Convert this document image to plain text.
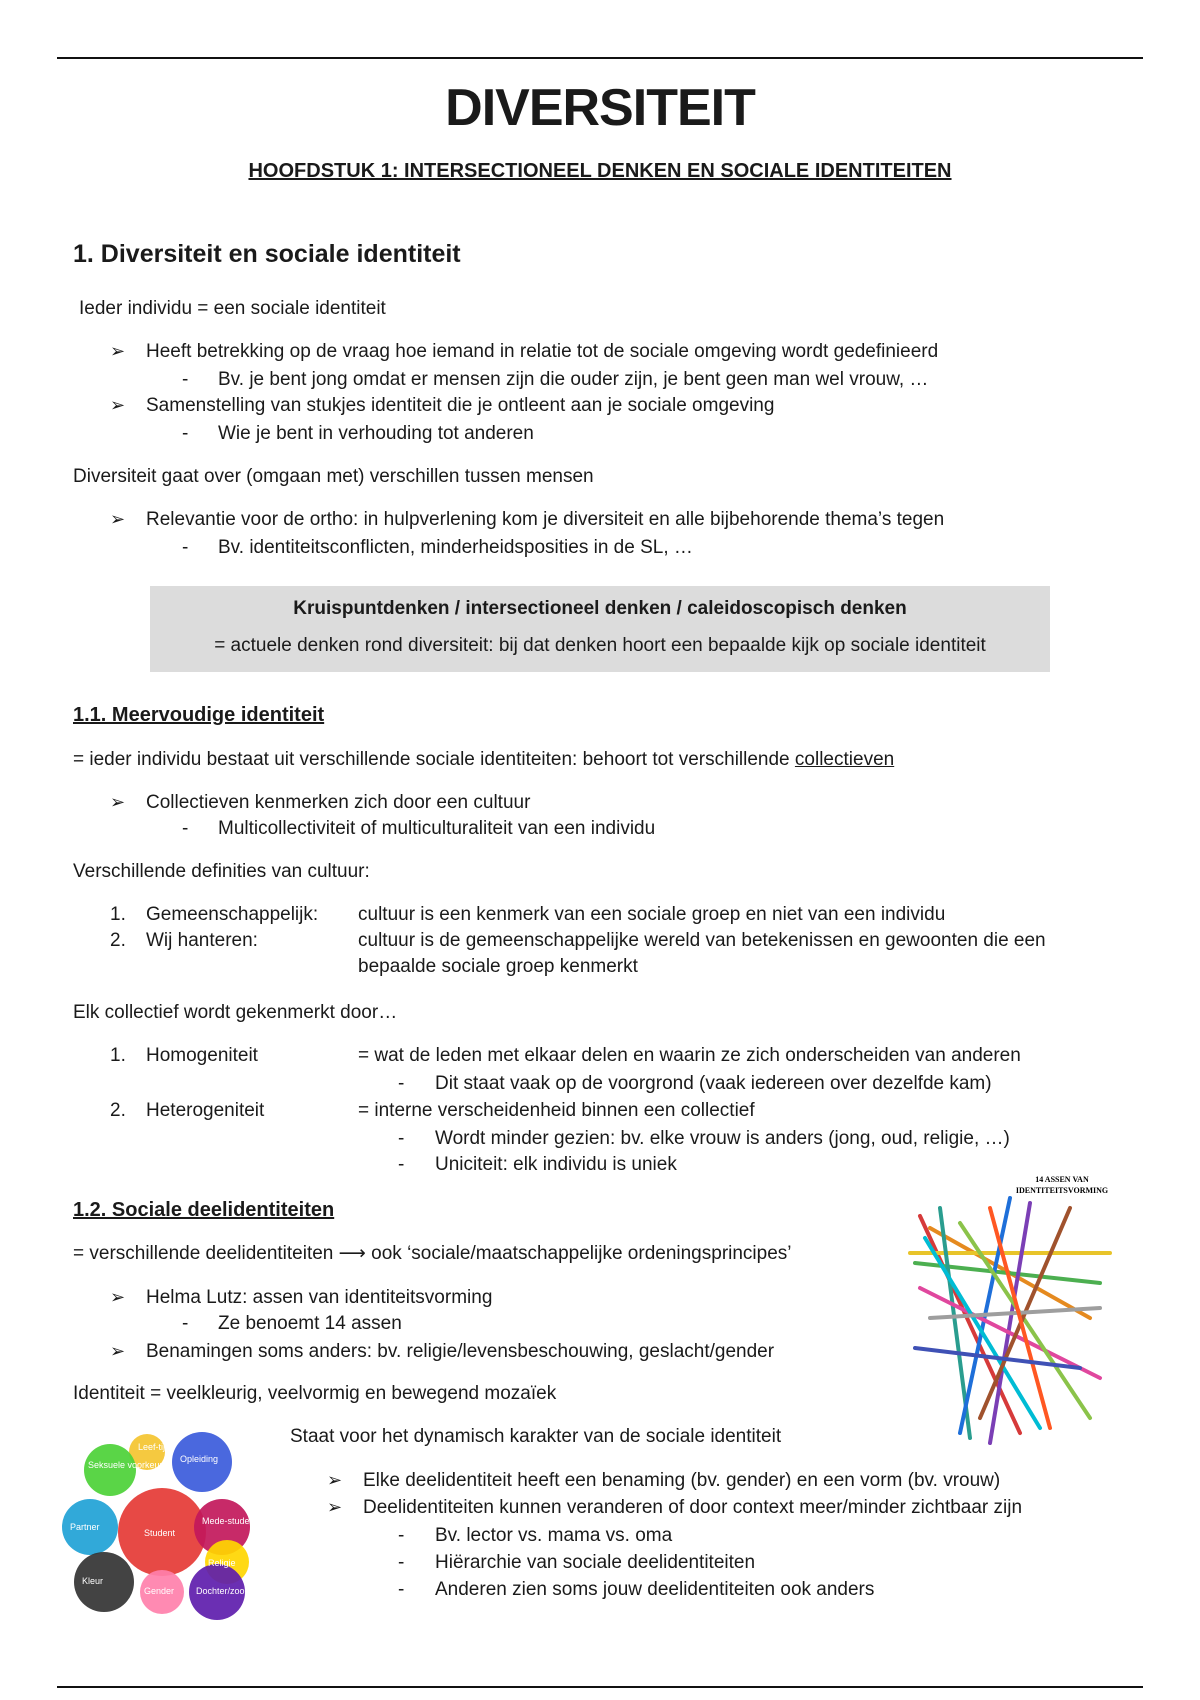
DIVERSITEIT
HOOFDSTUK 1: INTERSECTIONEEL DENKEN EN SOCIALE IDENTITEITEN
1. Diversiteit en sociale identiteit
Ieder individu = een sociale identiteit
➢ Heeft betrekking op de vraag hoe iemand in relatie tot de sociale omgeving wordt gedefinieerd
- Bv. je bent jong omdat er mensen zijn die ouder zijn, je bent geen man wel vrouw, …
➢ Samenstelling van stukjes identiteit die je ontleent aan je sociale omgeving
- Wie je bent in verhouding tot anderen
Diversiteit gaat over (omgaan met) verschillen tussen mensen
➢ Relevantie voor de ortho: in hulpverlening kom je diversiteit en alle bijbehorende thema’s tegen
- Bv. identiteitsconflicten, minderheidsposities in de SL, …
Kruispuntdenken / intersectioneel denken / caleidoscopisch denken
= actuele denken rond diversiteit: bij dat denken hoort een bepaalde kijk op sociale identiteit
1.1. Meervoudige identiteit
= ieder individu bestaat uit verschillende sociale identiteiten: behoort tot verschillende collectieven
➢ Collectieven kenmerken zich door een cultuur
- Multicollectiviteit of multiculturaliteit van een individu
Verschillende definities van cultuur:
1. Gemeenschappelijk: cultuur is een kenmerk van een sociale groep en niet van een individu
2. Wij hanteren:	cultuur is de gemeenschappelijke wereld van betekenissen en gewoonten die een
bepaalde sociale groep kenmerkt
Elk collectief wordt gekenmerkt door…
1. Homogeniteit	= wat de leden met elkaar delen en waarin ze zich onderscheiden van anderen
- Dit staat vaak op de voorgrond (vaak iedereen over dezelfde kam)
2. Heterogeniteit	= interne verscheidenheid binnen een collectief
- Wordt minder gezien: bv. elke vrouw is anders (jong, oud, religie, …)
- Uniciteit: elk individu is uniek
1.2. Sociale deelidentiteiten
= verschillende deelidentiteiten ⟶ ook ‘sociale/maatschappelijke ordeningsprincipes’
➢ Helma Lutz: assen van identiteitsvorming
- Ze benoemt 14 assen
➢ Benamingen soms anders: bv. religie/levensbeschouwing, geslacht/gender
Identiteit = veelkleurig, veelvormig en bewegend mozaïek
Staat voor het dynamisch karakter van de sociale identiteit
➢ Elke deelidentiteit heeft een benaming (bv. gender) en een vorm (bv. vrouw)
➢ Deelidentiteiten kunnen veranderen of door context meer/minder zichtbaar zijn
- Bv. lector vs. mama vs. oma
- Hiërarchie van sociale deelidentiteiten
- Anderen zien soms jouw deelidentiteiten ook anders
14 ASSEN VAN
IDENTITEITSVORMING
Leef-tijd
Seksuele voorkeur
Opleiding
Partner
Student
Mede-student
Religie
Kleur
Gender Dochter/zoon van...
